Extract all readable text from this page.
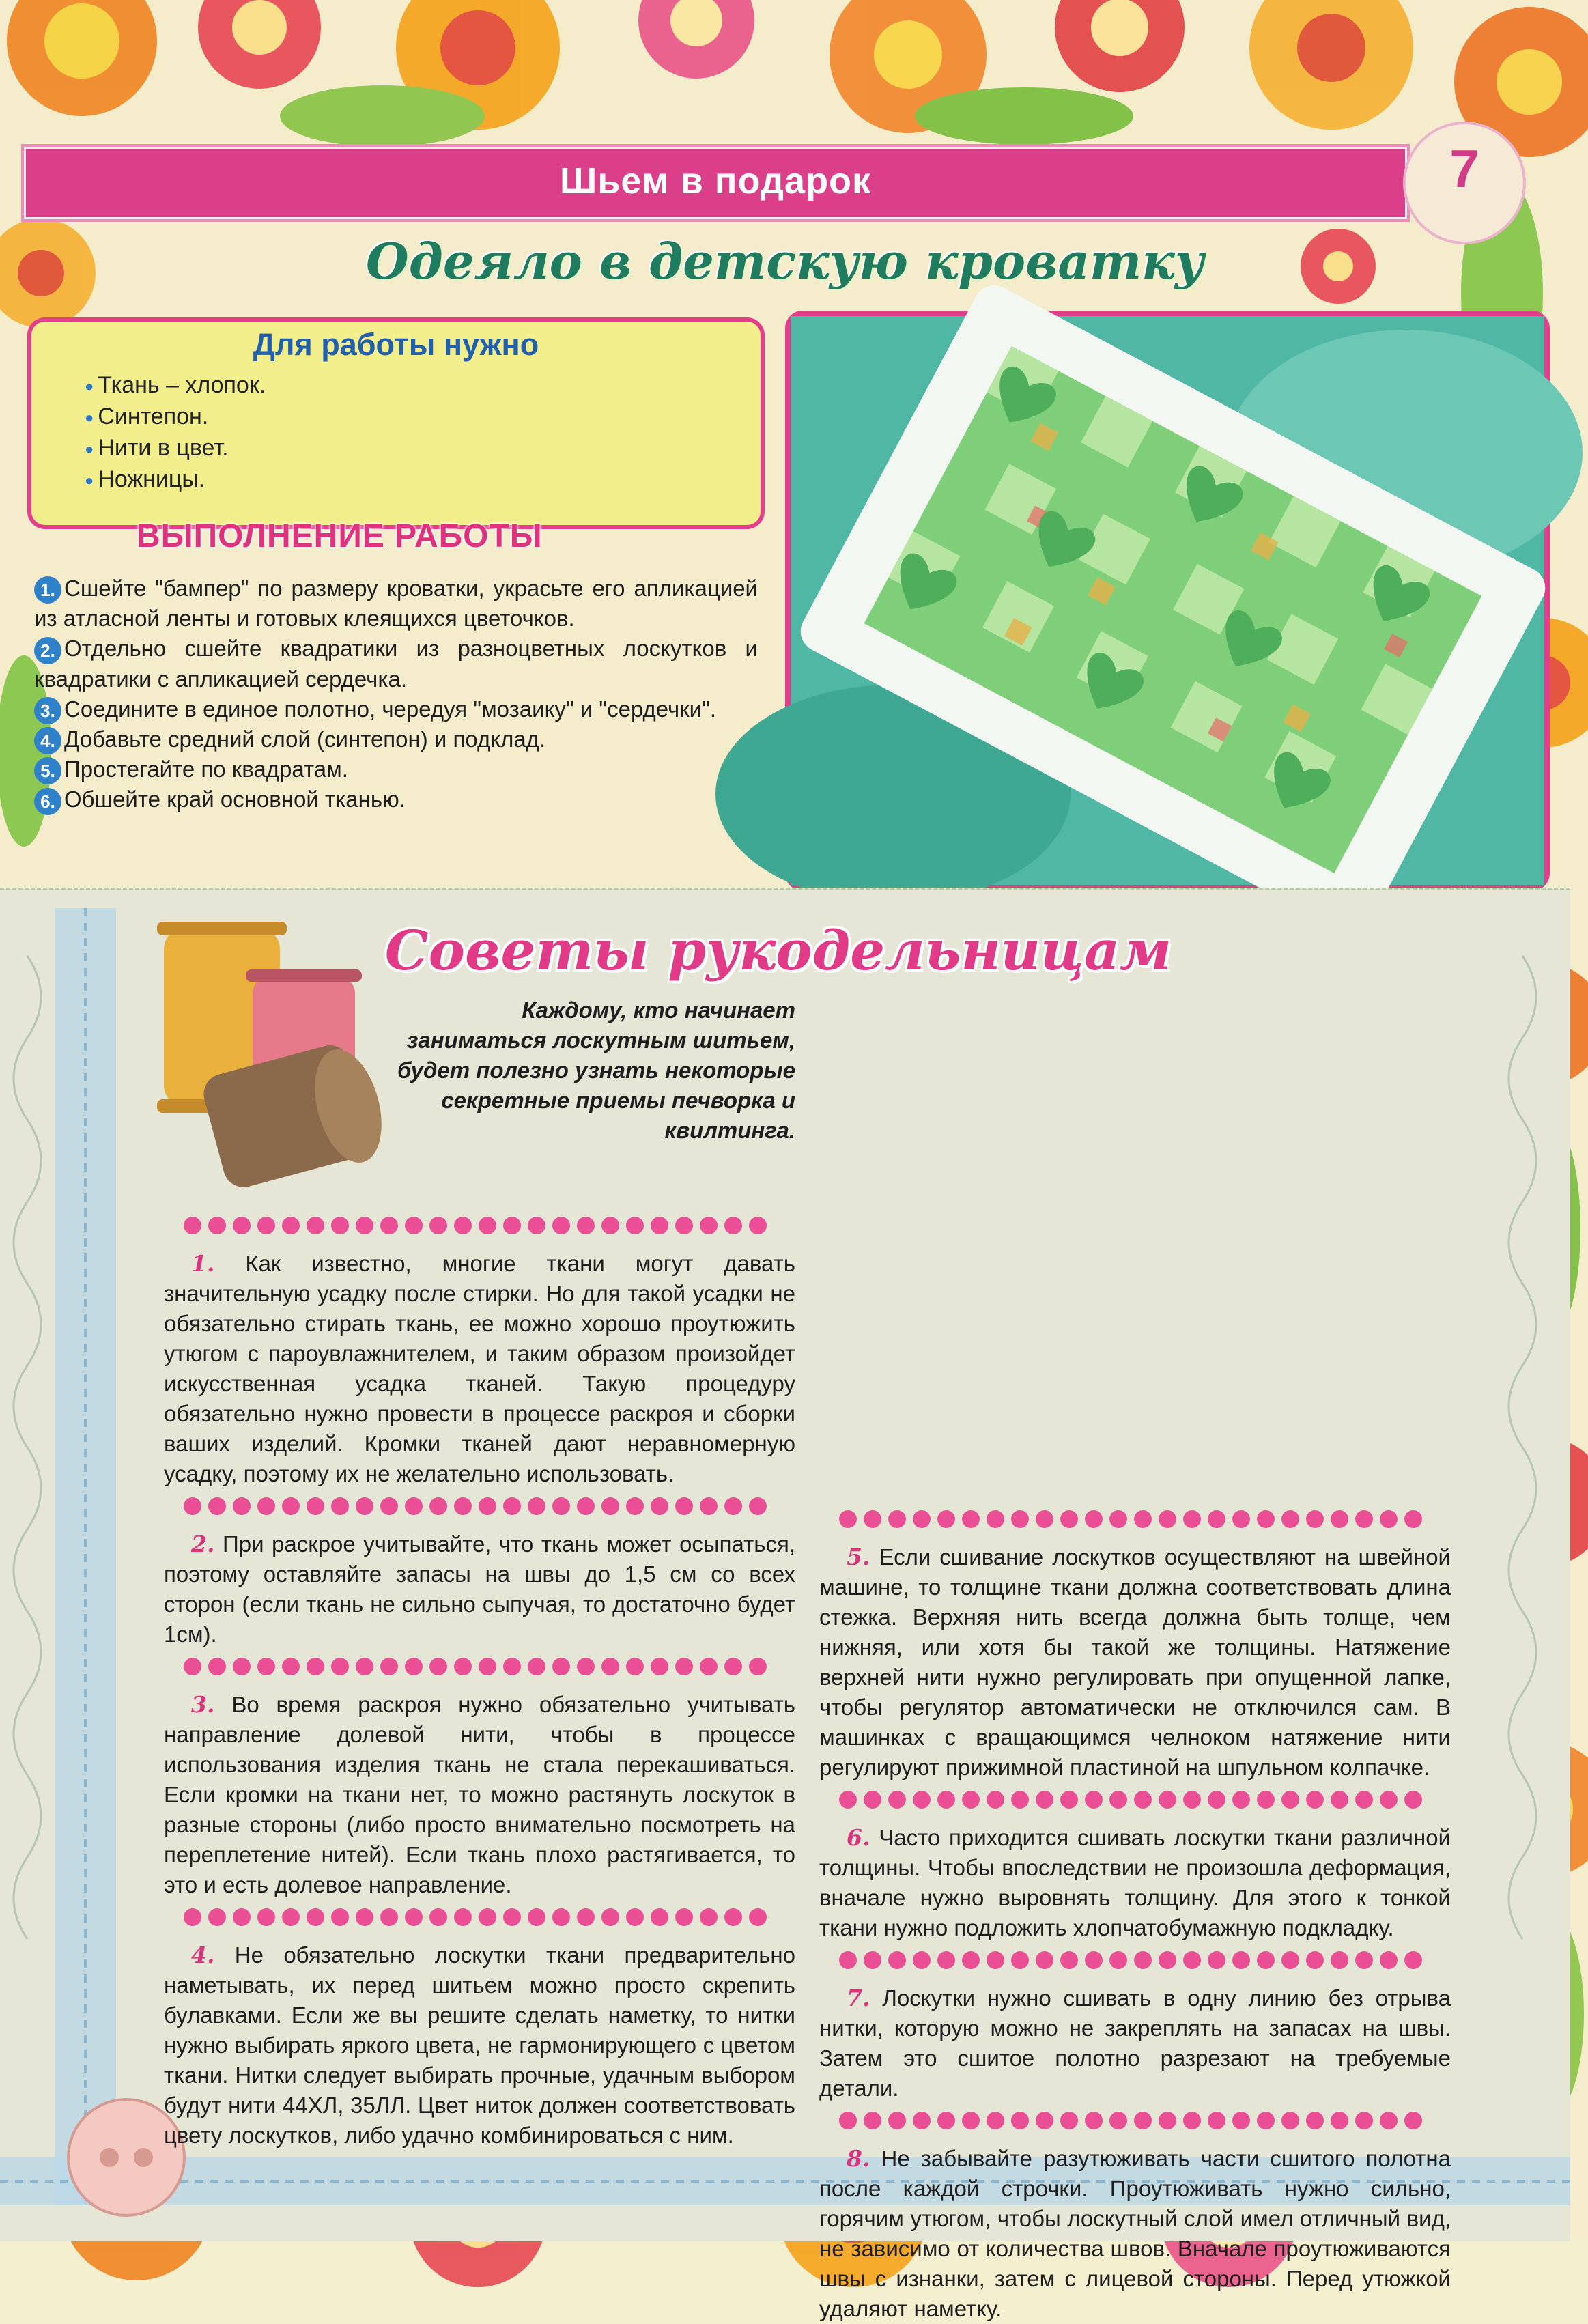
Шьем в подарок	7
Одеяло в детскую кроватку
Для работы нужно
● Ткань – хлопок.
● Синтепон.
● Нити в цвет.
● Ножницы.
ВЫПОЛНЕНИЕ РАБОТЫ

1. Сшейте "бампер" по размеру кроватки, украсьте его апликацией из атласной ленты и готовых клеящихся цветочков.

2. Отдельно сшейте квадратики из разноцветных лоскутков и квадратики с апликацией сердечка.

3. Соедините в единое полотно, чередуя "мозаику" и "сердечки".

4. Добавьте средний слой (синтепон) и подклад.

5. Простегайте по квадратам.

6. Обшейте край основной тканью.

Советы рукодельницам
Каждому, кто начинает заниматься лоскутным шитьем, будет полезно узнать некоторые секретные приемы печворка и квилтинга.

1. Как известно, многие ткани могут давать значительную усадку после стирки. Но для такой усадки не обязательно стирать ткань, ее можно хорошо проутюжить утюгом с пароувлажнителем, и таким образом произойдет искусственная усадка тканей. Такую процедуру обязательно нужно провести в процессе раскроя и сборки ваших изделий. Кромки тканей дают неравномерную усадку, поэтому их не желательно использовать.

2. При раскрое учитывайте, что ткань может осыпаться, поэтому оставляйте запасы на швы до 1,5 см со всех сторон (если ткань не сильно сыпучая, то достаточно будет 1см).

3. Во время раскроя нужно обязательно учитывать направление долевой нити, чтобы в процессе использования изделия ткань не стала перекашиваться. Если кромки на ткани нет, то можно растянуть лоскуток в разные стороны (либо просто внимательно посмотреть на переплетение нитей). Если ткань плохо растягивается, то это и есть долевое направление.

4. Не обязательно лоскутки ткани предварительно наметывать, их перед шитьем можно просто скрепить булавками. Если же вы решите сделать наметку, то нитки нужно выбирать яркого цвета, не гармонирующего с цветом ткани. Нитки следует выбирать прочные, удачным выбором будут нити 44ХЛ, 35ЛЛ. Цвет ниток должен соответствовать цвету лоскутков, либо удачно комбинироваться с ним.

5. Если сшивание лоскутков осуществляют на швейной машине, то толщине ткани должна соответствовать длина стежка. Верхняя нить всегда должна быть толще, чем нижняя, или хотя бы такой же толщины. Натяжение верхней нити нужно регулировать при опущенной лапке, чтобы регулятор автоматически не отключился сам. В машинках с вращающимся челноком натяжение нити регулируют прижимной пластиной на шпульном колпачке.

6. Часто приходится сшивать лоскутки ткани различной толщины. Чтобы впоследствии не произошла деформация, вначале нужно выровнять толщину. Для этого к тонкой ткани нужно подложить хлопчатобумажную подкладку.

7. Лоскутки нужно сшивать в одну линию без отрыва нитки, которую можно не закреплять на запасах на швы. Затем это сшитое полотно разрезают на требуемые детали.

8. Не забывайте разутюживать части сшитого полотна после каждой строчки. Проутюживать нужно сильно, горячим утюгом, чтобы лоскутный слой имел отличный вид, не зависимо от количества швов. Вначале проутюживаются швы с изнанки, затем с лицевой стороны. Перед утюжкой удаляют наметку.
